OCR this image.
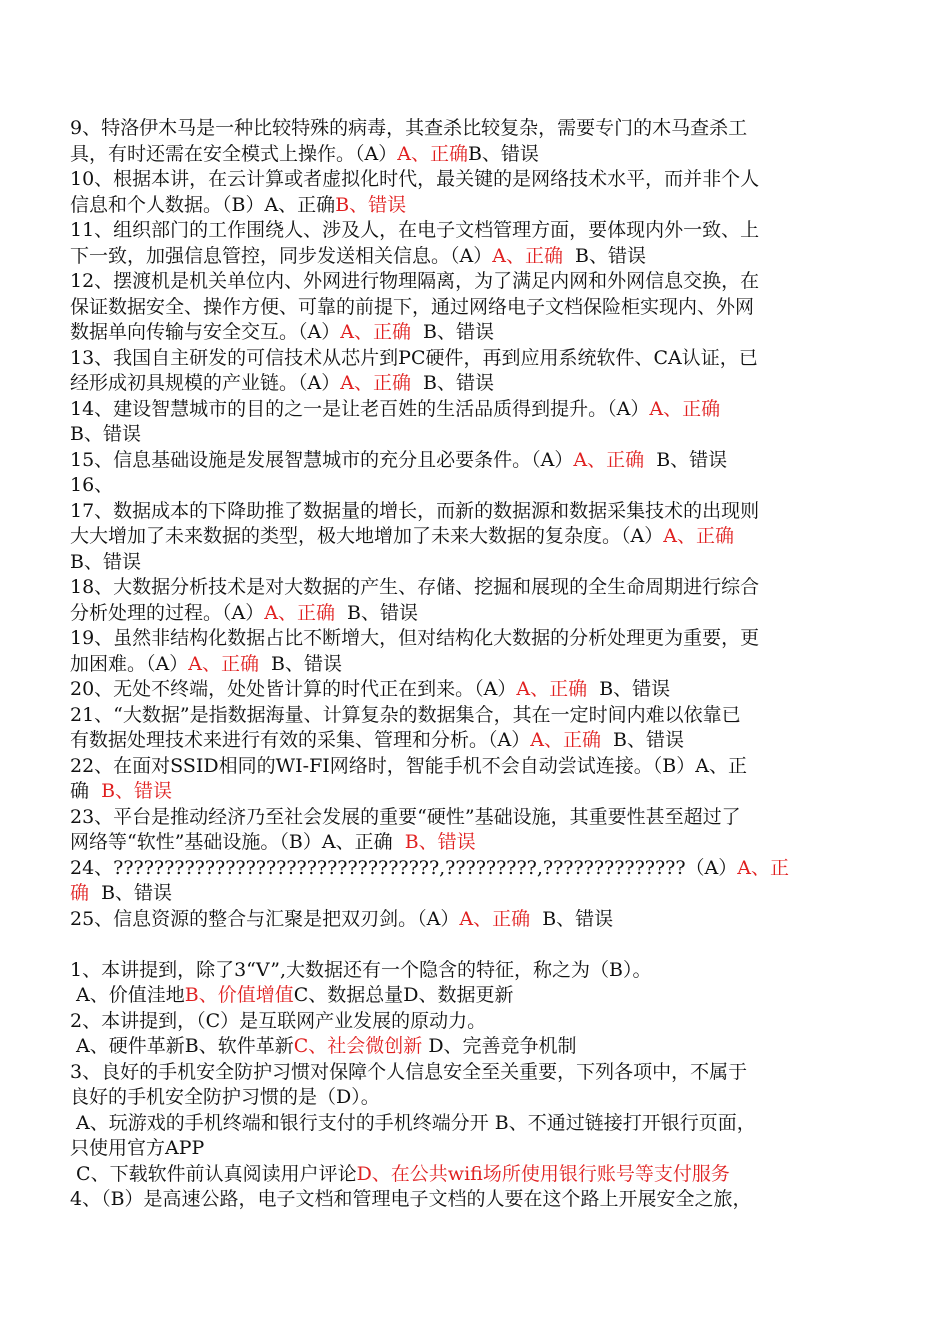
9、特洛伊木马是一种比较特殊的病毒，其查杀比较复杂，需要专门的木马查杀工
具，有时还需在安全模式上操作。（A）A、正确B、错误
10、根据本讲，在云计算或者虚拟化时代，最关键的是网络技术水平，而并非个人
信息和个人数据。（B）A、正确B、错误
11、组织部门的工作围绕人、涉及人，在电子文档管理方面，要体现内外一致、上
下一致，加强信息管控，同步发送相关信息。（A）A、正确  B、错误
12、摆渡机是机关单位内、外网进行物理隔离，为了满足内网和外网信息交换，在
保证数据安全、操作方便、可靠的前提下，通过网络电子文档保险柜实现内、外网
数据单向传输与安全交互。（A）A、正确  B、错误
13、我国自主研发的可信技术从芯片到PC硬件，再到应用系统软件、CA认证，已
经形成初具规模的产业链。（A）A、正确  B、错误
14、建设智慧城市的目的之一是让老百姓的生活品质得到提升。（A）A、正确
B、错误
15、信息基础设施是发展智慧城市的充分且必要条件。（A）A、正确  B、错误
16、
17、数据成本的下降助推了数据量的增长，而新的数据源和数据采集技术的出现则
大大增加了未来数据的类型，极大地增加了未来大数据的复杂度。（A）A、正确
B、错误
18、大数据分析技术是对大数据的产生、存储、挖掘和展现的全生命周期进行综合
分析处理的过程。（A）A、正确  B、错误
19、虽然非结构化数据占比不断增大，但对结构化大数据的分析处理更为重要，更
加困难。（A）A、正确  B、错误
20、无处不终端，处处皆计算的时代正在到来。（A）A、正确  B、错误
21、“大数据”是指数据海量、计算复杂的数据集合，其在一定时间内难以依靠已
有数据处理技术来进行有效的采集、管理和分析。（A）A、正确  B、错误
22、在面对SSID相同的WI-FI网络时，智能手机不会自动尝试连接。（B）A、正
确  B、错误
23、平台是推动经济乃至社会发展的重要“硬性”基础设施，其重要性甚至超过了
网络等“软性”基础设施。（B）A、正确  B、错误
24、????????????????????????????????,?????????,??????????????（A）A、正
确  B、错误
25、信息资源的整合与汇聚是把双刃剑。（A）A、正确  B、错误
1、本讲提到，除了3“V”,大数据还有一个隐含的特征，称之为（B）。
A、价值洼地B、价值增值C、数据总量D、数据更新
2、本讲提到，（C）是互联网产业发展的原动力。
A、硬件革新B、软件革新C、社会微创新 D、完善竞争机制
3、良好的手机安全防护习惯对保障个人信息安全至关重要，下列各项中，不属于
良好的手机安全防护习惯的是（D）。
A、玩游戏的手机终端和银行支付的手机终端分开 B、不通过链接打开银行页面，
只使用官方APP
C、下载软件前认真阅读用户评论D、在公共wifi场所使用银行账号等支付服务
4、（B）是高速公路，电子文档和管理电子文档的人要在这个路上开展安全之旅，
